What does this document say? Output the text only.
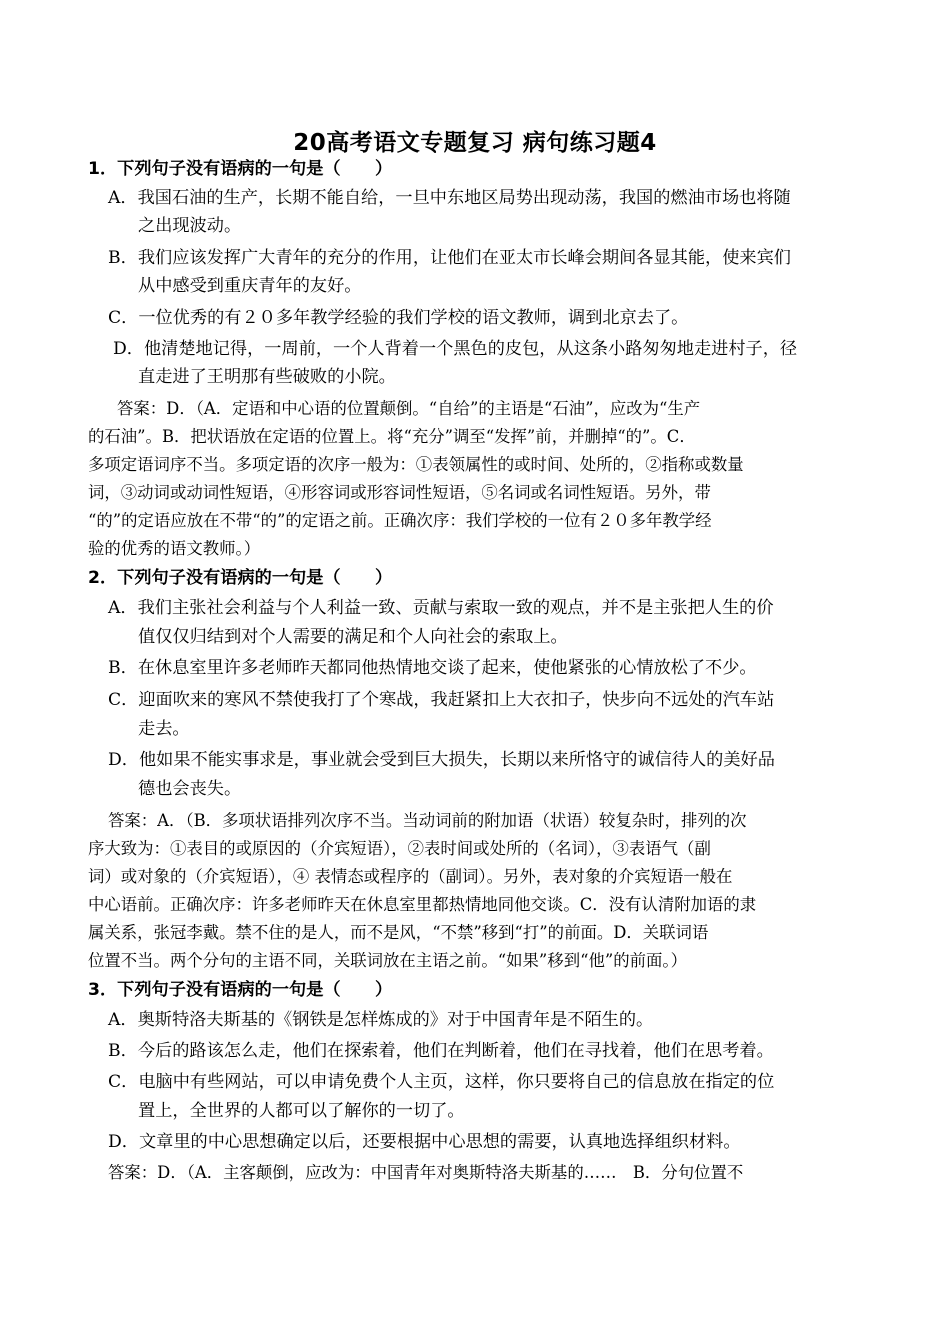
20高考语文专题复习 病句练习题4
1．下列句子没有语病的一句是（　　）
A．我国石油的生产，长期不能自给，一旦中东地区局势出现动荡，我国的燃油市场也将随
之出现波动。
B．我们应该发挥广大青年的充分的作用，让他们在亚太市长峰会期间各显其能，使来宾们
从中感受到重庆青年的友好。
C．一位优秀的有２０多年教学经验的我们学校的语文教师，调到北京去了。
D．他清楚地记得，一周前，一个人背着一个黑色的皮包，从这条小路匆匆地走进村子，径
直走进了王明那有些破败的小院。
答案：D．（A．定语和中心语的位置颠倒。“自给”的主语是“石油”，应改为“生产
的石油”。B．把状语放在定语的位置上。将“充分”调至“发挥”前，并删掉“的”。C．
多项定语词序不当。多项定语的次序一般为：①表领属性的或时间、处所的，②指称或数量
词，③动词或动词性短语，④形容词或形容词性短语，⑤名词或名词性短语。另外，带
“的”的定语应放在不带“的”的定语之前。正确次序：我们学校的一位有２０多年教学经
验的优秀的语文教师。）
2．下列句子没有语病的一句是（　　）
A．我们主张社会利益与个人利益一致、贡献与索取一致的观点，并不是主张把人生的价
值仅仅归结到对个人需要的满足和个人向社会的索取上。
B．在休息室里许多老师昨天都同他热情地交谈了起来，使他紧张的心情放松了不少。
C．迎面吹来的寒风不禁使我打了个寒战，我赶紧扣上大衣扣子，快步向不远处的汽车站
走去。
D．他如果不能实事求是，事业就会受到巨大损失，长期以来所恪守的诚信待人的美好品
德也会丧失。
答案：A．（B．多项状语排列次序不当。当动词前的附加语（状语）较复杂时，排列的次
序大致为：①表目的或原因的（介宾短语），②表时间或处所的（名词），③表语气（副
词）或对象的（介宾短语），④ 表情态或程序的（副词）。另外，表对象的介宾短语一般在
中心语前。正确次序：许多老师昨天在休息室里都热情地同他交谈。C．没有认清附加语的隶
属关系，张冠李戴。禁不住的是人，而不是风，“不禁”移到“打”的前面。D．关联词语
位置不当。两个分句的主语不同，关联词放在主语之前。“如果”移到“他”的前面。）
3．下列句子没有语病的一句是（　　）
A．奥斯特洛夫斯基的《钢铁是怎样炼成的》对于中国青年是不陌生的。
B．今后的路该怎么走，他们在探索着，他们在判断着，他们在寻找着，他们在思考着。
C．电脑中有些网站，可以申请免费个人主页，这样，你只要将自己的信息放在指定的位
置上，全世界的人都可以了解你的一切了。
D．文章里的中心思想确定以后，还要根据中心思想的需要，认真地选择组织材料。
答案：D．（A．主客颠倒，应改为：中国青年对奥斯特洛夫斯基的……　B．分句位置不
